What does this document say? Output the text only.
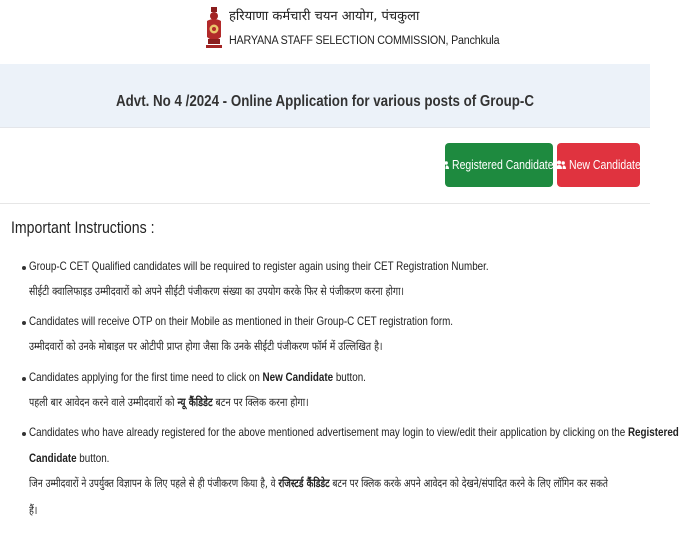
हरियाणा कर्मचारी चयन आयोग, पंचकुला
HARYANA STAFF SELECTION COMMISSION, Panchkula
Advt. No 4 /2024 - Online Application for various posts of Group-C
Registered Candidate New Candidate
Important Instructions :
Group-C CET Qualified candidates will be required to register again using their CET Registration Number.
सीईटी क्वालिफाइड उम्मीदवारों को अपने सीईटी पंजीकरण संख्या का उपयोग करके फिर से पंजीकरण करना होगा।
Candidates will receive OTP on their Mobile as mentioned in their Group-C CET registration form.
उम्मीदवारों को उनके मोबाइल पर ओटीपी प्राप्त होगा जैसा कि उनके सीईटी पंजीकरण फॉर्म में उल्लिखित है।
Candidates applying for the first time need to click on New Candidate button.
पहली बार आवेदन करने वाले उम्मीदवारों को न्यू कैंडिडेट बटन पर क्लिक करना होगा।
Candidates who have already registered for the above mentioned advertisement may login to view/edit their application by clicking on the Registered
Candidate button.
जिन उम्मीदवारों ने उपर्युक्त विज्ञापन के लिए पहले से ही पंजीकरण किया है, वे रजिस्टर्ड कैंडिडेट बटन पर क्लिक करके अपने आवेदन को देखने/संपादित करने के लिए लॉगिन कर सकते
हैं।
